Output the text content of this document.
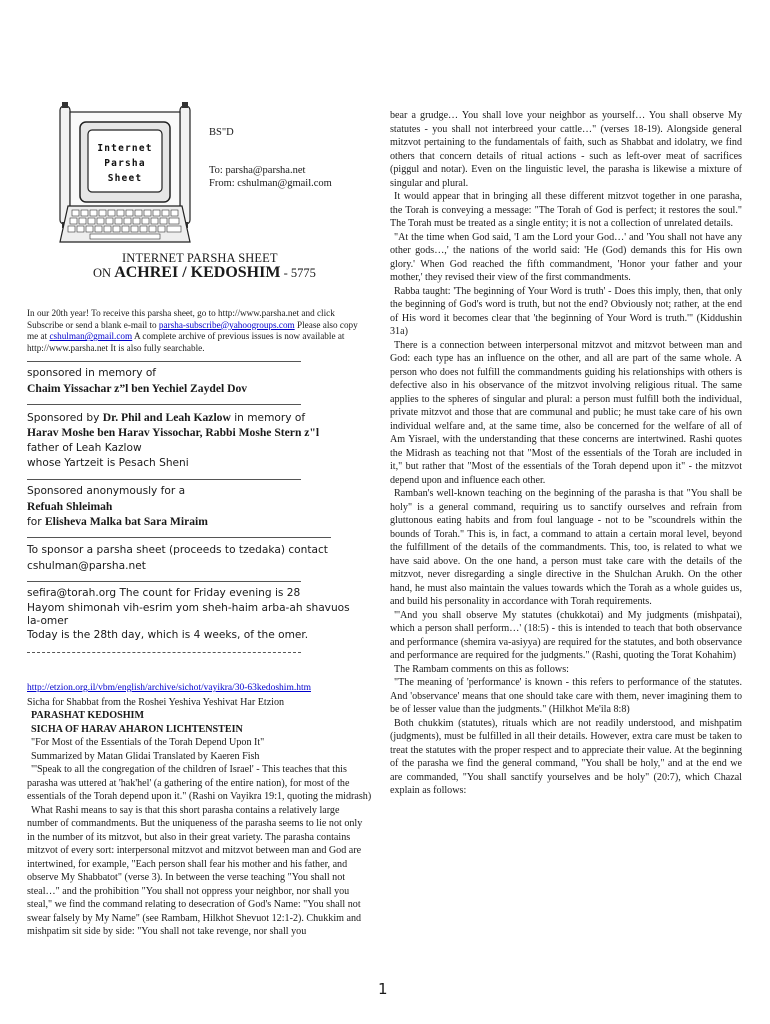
Internet
Parsha
Sheet
BS"D
To: parsha@parsha.net
From: cshulman@gmail.com
INTERNET PARSHA SHEET
ON ACHREI / KEDOSHIM - 5775
In our 20th year! To receive this parsha sheet, go to http://www.parsha.net and click Subscribe or send a blank e-mail to parsha-subscribe@yahoogroups.com Please also copy me at cshulman@gmail.com A complete archive of previous issues is now available at http://www.parsha.net It is also fully searchable.
sponsored in memory of
Chaim Yissachar z”l ben Yechiel Zaydel Dov
Sponsored by Dr. Phil and Leah Kazlow in memory of
Harav Moshe ben Harav Yissochar, Rabbi Moshe Stern z"l
father of Leah Kazlow
whose Yartzeit is Pesach Sheni
Sponsored anonymously for a
Refuah Shleimah
for Elisheva Malka bat Sara Miraim
To sponsor a parsha sheet (proceeds to tzedaka) contact
cshulman@parsha.net
sefira@torah.org The count for Friday evening is 28
Hayom shimonah vih-esrim yom sheh-haim arba-ah shavuos
la-omer
Today is the 28th day, which is 4 weeks, of the omer.

http://etzion.org.il/vbm/english/archive/sichot/vayikra/30-63kedoshim.htm

Sicha for Shabbat from the Roshei Yeshiva Yeshivat Har Etzion

PARASHAT KEDOSHIM

SICHA OF HARAV AHARON LICHTENSTEIN

"For Most of the Essentials of the Torah Depend Upon It"

Summarized by Matan Glidai Translated by Kaeren Fish

"'Speak to all the congregation of the children of Israel' - This teaches that this parasha was uttered at 'hak'hel' (a gathering of the entire nation), for most of the essentials of the Torah depend upon it." (Rashi on Vayikra 19:1, quoting the midrash)

What Rashi means to say is that this short parasha contains a relatively large number of commandments. But the uniqueness of the parasha seems to lie not only in the number of its mitzvot, but also in their great variety. The parasha contains mitzvot of every sort: interpersonal mitzvot and mitzvot between man and God are intertwined, for example, "Each person shall fear his mother and his father, and observe My Shabbatot" (verse 3). In between the verse teaching "You shall not steal…" and the prohibition "You shall not oppress your neighbor, nor shall you steal," we find the command relating to desecration of God's Name: "You shall not swear falsely by My Name" (see Rambam, Hilkhot Shevuot 12:1-2). Chukkim and mishpatim sit side by side: "You shall not take revenge, nor shall you

bear a grudge… You shall love your neighbor as yourself… You shall observe My statutes - you shall not interbreed your cattle…" (verses 18-19). Alongside general mitzvot pertaining to the fundamentals of faith, such as Shabbat and idolatry, we find others that concern details of ritual actions - such as left-over meat of sacrifices (piggul and notar). Even on the linguistic level, the parasha is likewise a mixture of singular and plural.

It would appear that in bringing all these different mitzvot together in one parasha, the Torah is conveying a message: "The Torah of God is perfect; it restores the soul." The Torah must be treated as a single entity; it is not a collection of unrelated details.

"At the time when God said, 'I am the Lord your God…' and 'You shall not have any other gods…,' the nations of the world said: 'He (God) demands this for His own glory.' When God reached the fifth commandment, 'Honor your father and your mother,' they revised their view of the first commandments.

Rabba taught: 'The beginning of Your Word is truth' - Does this imply, then, that only the beginning of God's word is truth, but not the end? Obviously not; rather, at the end of His word it becomes clear that 'the beginning of Your Word is truth.'" (Kiddushin 31a)

There is a connection between interpersonal mitzvot and mitzvot between man and God: each type has an influence on the other, and all are part of the same whole. A person who does not fulfill the commandments guiding his relationships with others is defective also in his observance of the mitzvot involving religious ritual. The same applies to the spheres of singular and plural: a person must fulfill both the individual, private mitzvot and those that are communal and public; he must take care of his own individual welfare and, at the same time, also be concerned for the welfare of all of Am Yisrael, with the understanding that these concerns are intertwined. Rashi quotes the Midrash as teaching not that "Most of the essentials of the Torah are included in it," but rather that "Most of the essentials of the Torah depend upon it" - the mitzvot depend upon and influence each other.

Ramban's well-known teaching on the beginning of the parasha is that "You shall be holy" is a general command, requiring us to sanctify ourselves and refrain from gluttonous eating habits and from foul language - not to be "scoundrels within the bounds of Torah." This is, in fact, a command to attain a certain moral level, beyond the fulfillment of the details of the commandments. This, too, is related to what we have said above. On the one hand, a person must take care with the details of the mitzvot, never disregarding a single directive in the Shulchan Arukh. On the other hand, he must also maintain the values towards which the Torah as a whole guides us, and build his personality in accordance with Torah requirements.

"'And you shall observe My statutes (chukkotai) and My judgments (mishpatai), which a person shall perform…' (18:5) - this is intended to teach that both observance and performance (shemira va-asiyya) are required for the statutes, and both observance and performance are required for the judgments." (Rashi, quoting the Torat Kohahim)

The Rambam comments on this as follows:

"The meaning of 'performance' is known - this refers to performance of the statutes. And 'observance' means that one should take care with them, never imagining them to be of lesser value than the judgments." (Hilkhot Me'ila 8:8)

Both chukkim (statutes), rituals which are not readily understood, and mishpatim (judgments), must be fulfilled in all their details. However, extra care must be taken to treat the statutes with the proper respect and to appreciate their value. At the beginning of the parasha we find the general command, "You shall be holy," and at the end we are commanded, "You shall sanctify yourselves and be holy" (20:7), which Chazal explain as follows:

1
